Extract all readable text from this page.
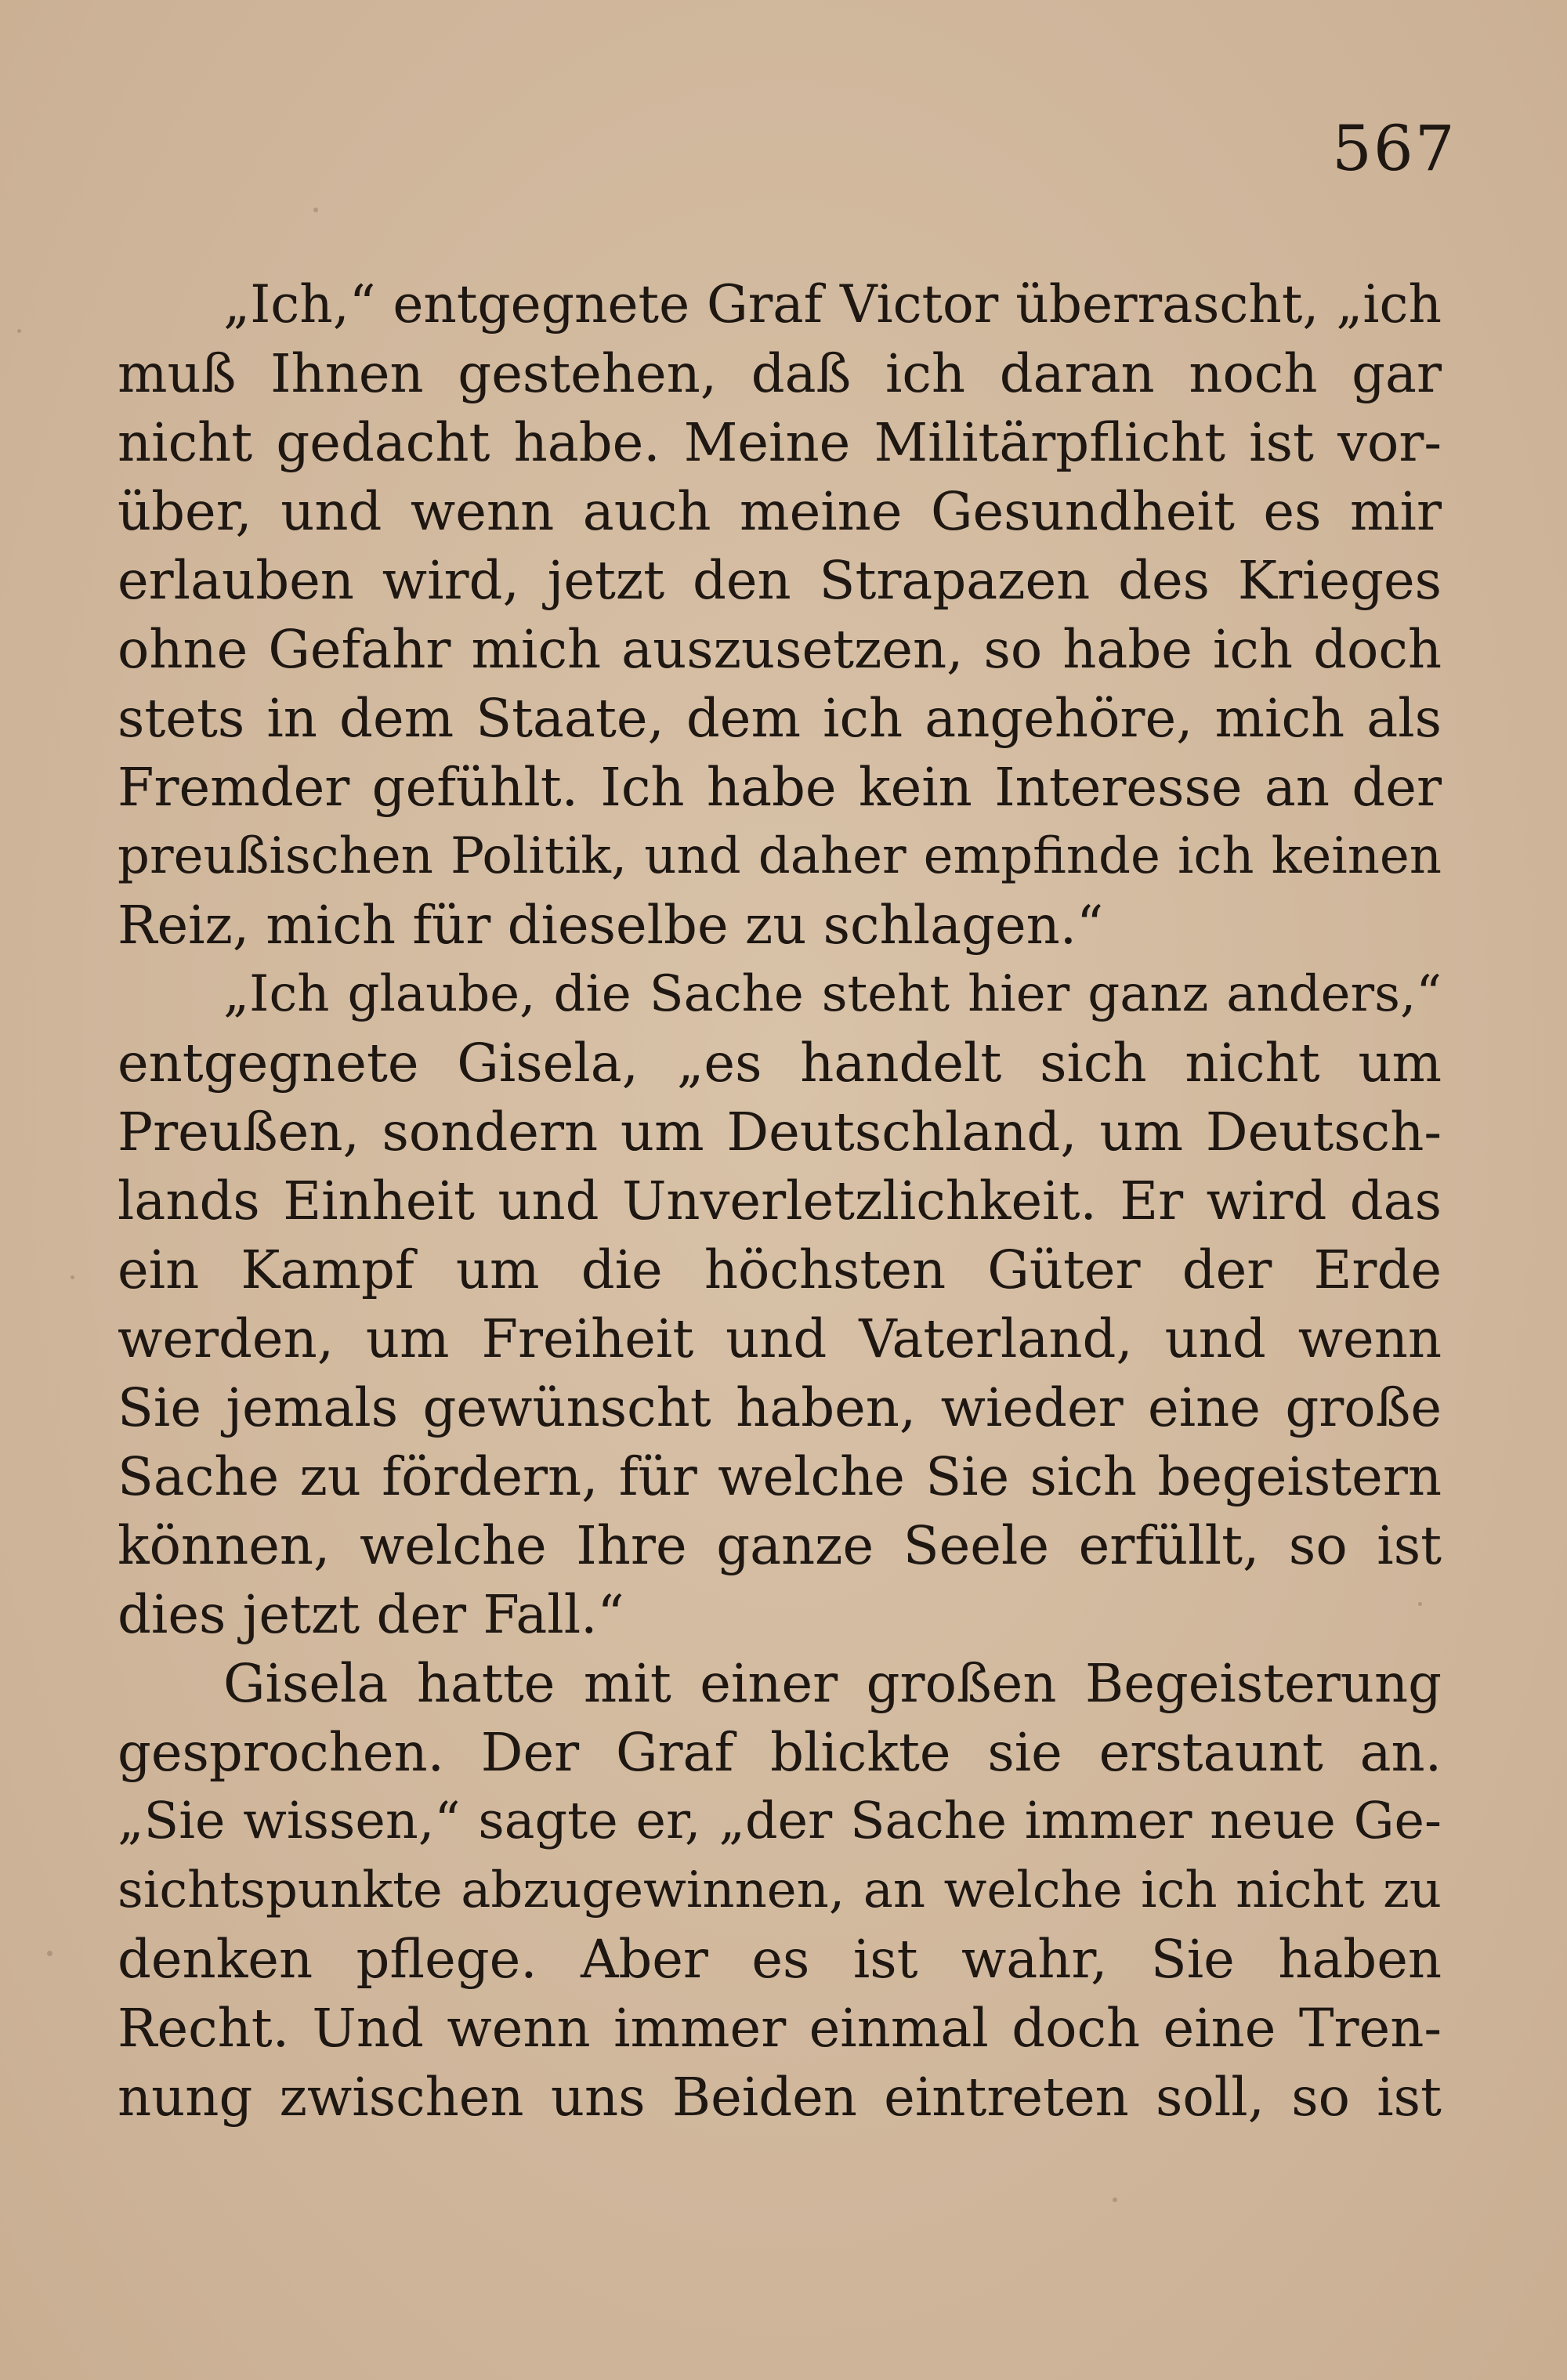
567
„Ich,“ entgegnete Graf Victor überrascht, „ich
muß Ihnen gestehen, daß ich daran noch gar
nicht gedacht habe. Meine Militärpflicht ist vor-
über, und wenn auch meine Gesundheit es mir
erlauben wird, jetzt den Strapazen des Krieges
ohne Gefahr mich auszusetzen, so habe ich doch
stets in dem Staate, dem ich angehöre, mich als
Fremder gefühlt. Ich habe kein Interesse an der
preußischen Politik, und daher empfinde ich keinen
Reiz, mich für dieselbe zu schlagen.“
„Ich glaube, die Sache steht hier ganz anders,“
entgegnete Gisela, „es handelt sich nicht um
Preußen, sondern um Deutschland, um Deutsch-
lands Einheit und Unverletzlichkeit. Er wird das
ein Kampf um die höchsten Güter der Erde
werden, um Freiheit und Vaterland, und wenn
Sie jemals gewünscht haben, wieder eine große
Sache zu fördern, für welche Sie sich begeistern
können, welche Ihre ganze Seele erfüllt, so ist
dies jetzt der Fall.“
Gisela hatte mit einer großen Begeisterung
gesprochen. Der Graf blickte sie erstaunt an.
„Sie wissen,“ sagte er, „der Sache immer neue Ge-
sichtspunkte abzugewinnen, an welche ich nicht zu
denken pflege. Aber es ist wahr, Sie haben
Recht. Und wenn immer einmal doch eine Tren-
nung zwischen uns Beiden eintreten soll, so ist
